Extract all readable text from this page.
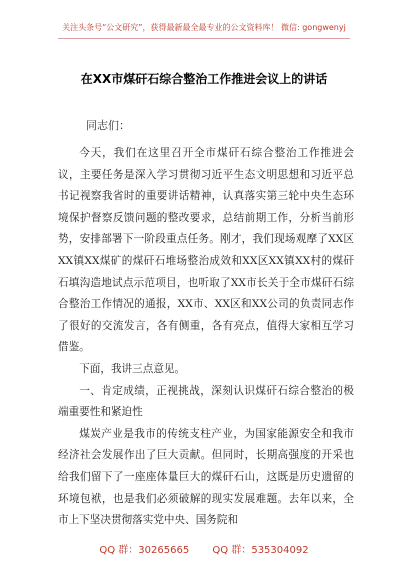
关注头条号“公文研究”，获得最新最全最专业的公文资料库！ 微信: gongwenyj
在XX市煤矸石综合整治工作推进会议上的讲话
同志们：

今天，我们在这里召开全市煤矸石综合整治工作推进会议，主要任务是深入学习贯彻习近平生态文明思想和习近平总书记视察我省时的重要讲话精神，认真落实第三轮中央生态环境保护督察反馈问题的整改要求，总结前期工作，分析当前形势，安排部署下一阶段重点任务。刚才，我们现场观摩了XX区XX镇XX煤矿的煤矸石堆场整治成效和XX区XX镇XX村的煤矸石填沟造地试点示范项目，也听取了XX市长关于全市煤矸石综合整治工作情况的通报，XX市、XX区和XX公司的负责同志作了很好的交流发言，各有侧重，各有亮点，值得大家相互学习借鉴。

下面，我讲三点意见。

一、肯定成绩，正视挑战，深刻认识煤矸石综合整治的极端重要性和紧迫性

煤炭产业是我市的传统支柱产业，为国家能源安全和我市经济社会发展作出了巨大贡献。但同时，长期高强度的开采也给我们留下了一座座体量巨大的煤矸石山，这既是历史遗留的环境包袱，也是我们必须破解的现实发展难题。去年以来，全市上下坚决贯彻落实党中央、国务院和

QQ 群：30265665 QQ 群：535304092
